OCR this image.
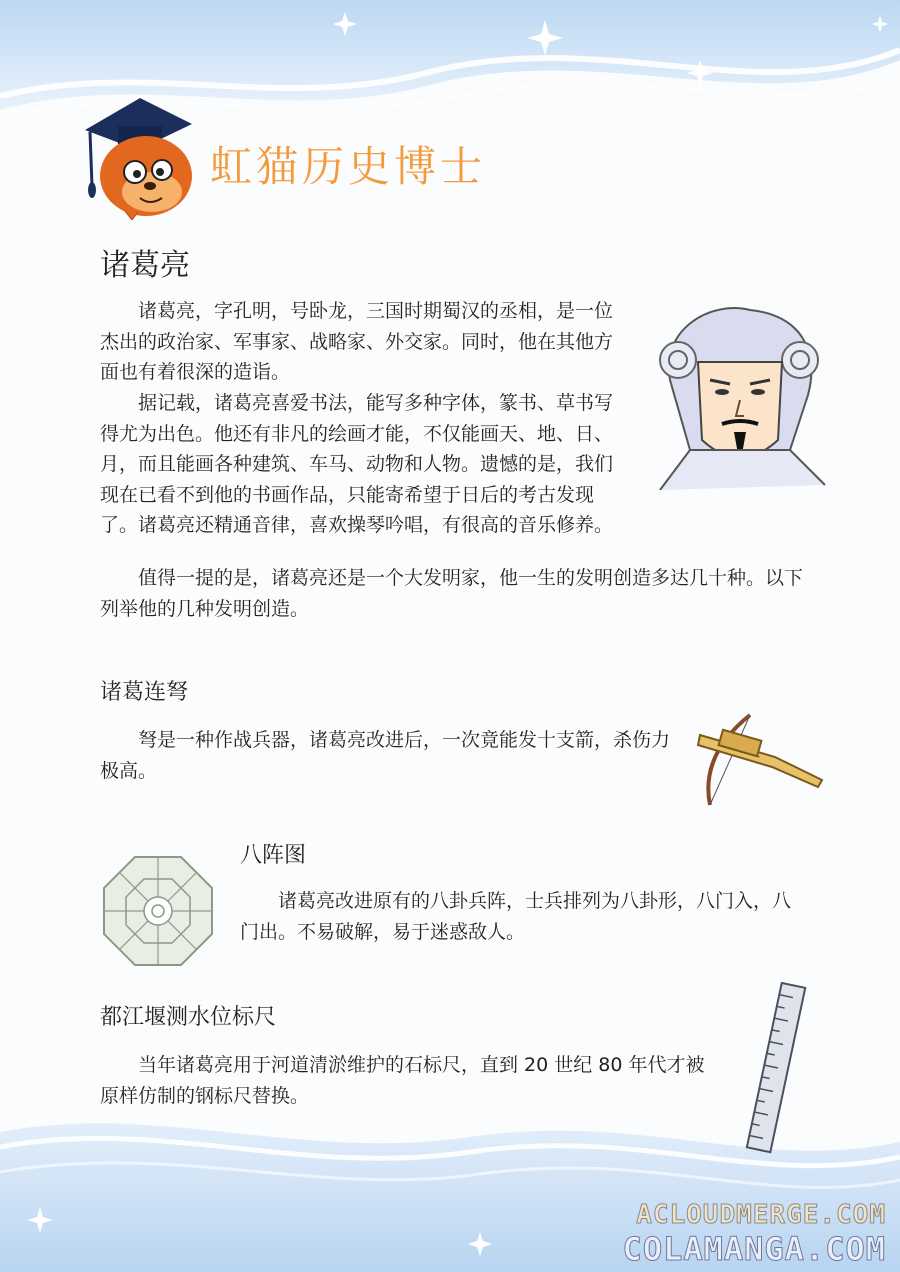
虹猫历史博士
诸葛亮

诸葛亮，字孔明，号卧龙，三国时期蜀汉的丞相，是一位杰出的政治家、军事家、战略家、外交家。同时，他在其他方面也有着很深的造诣。

据记载，诸葛亮喜爱书法，能写多种字体，篆书、草书写得尤为出色。他还有非凡的绘画才能，不仅能画天、地、日、月，而且能画各种建筑、车马、动物和人物。遗憾的是，我们现在已看不到他的书画作品，只能寄希望于日后的考古发现了。诸葛亮还精通音律，喜欢操琴吟唱，有很高的音乐修养。

值得一提的是，诸葛亮还是一个大发明家，他一生的发明创造多达几十种。以下列举他的几种发明创造。

诸葛连弩

弩是一种作战兵器，诸葛亮改进后，一次竟能发十支箭，杀伤力极高。

八阵图

诸葛亮改进原有的八卦兵阵，士兵排列为八卦形，八门入，八门出。不易破解，易于迷惑敌人。

都江堰测水位标尺

当年诸葛亮用于河道清淤维护的石标尺，直到 20 世纪 80 年代才被原样仿制的钢标尺替换。

ACLOUDMERGE.COM
COLAMANGA.COM
